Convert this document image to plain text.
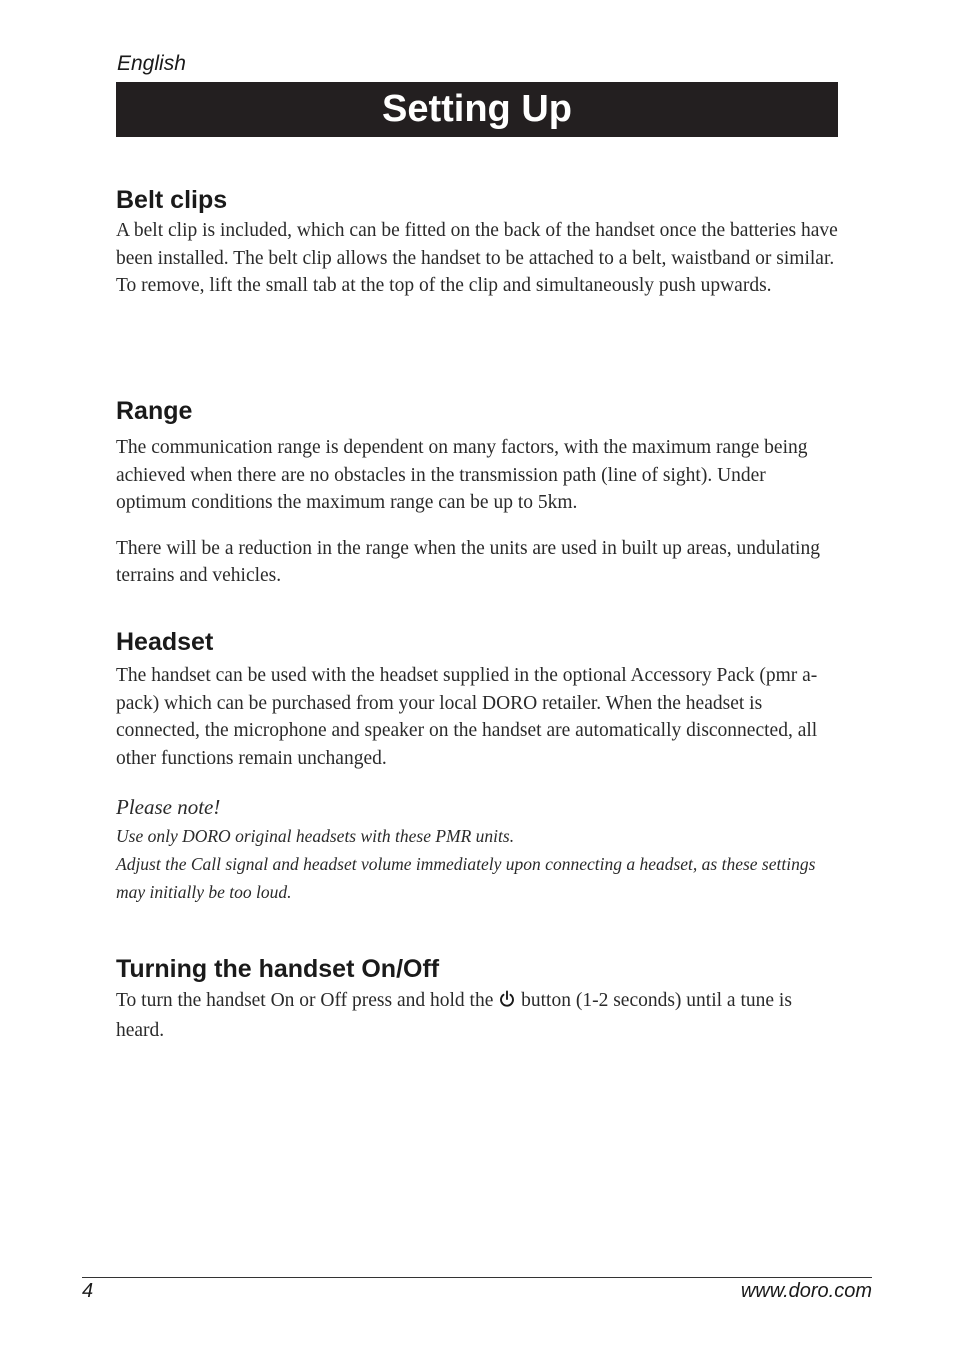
English
Setting Up
Belt clips
A belt clip is included, which can be fitted on the back of the handset once the batteries have been installed. The belt clip allows the handset to be attached to a belt, waistband or similar.
To remove, lift the small tab at the top of the clip and simultaneously push upwards.
Range
The communication range is dependent on many factors, with the maximum range being achieved when there are no obstacles in the transmission path (line of sight). Under optimum conditions the maximum range can be up to 5km.
There will be a reduction in the range when the units are used in built up areas, undulating terrains and vehicles.
Headset
The handset can be used with the headset supplied in the optional Accessory Pack (pmr a-pack) which can be purchased from your local DORO retailer. When the headset is connected, the microphone and speaker on the handset are automatically disconnected, all other functions remain unchanged.
Please note!
Use only DORO original headsets with these PMR units.
Adjust the Call signal and headset volume immediately upon connecting a headset, as these settings may initially be too loud.
Turning the handset On/Off
To turn the handset On or Off press and hold the button (1-2 seconds) until a tune is heard.
4	www.doro.com
